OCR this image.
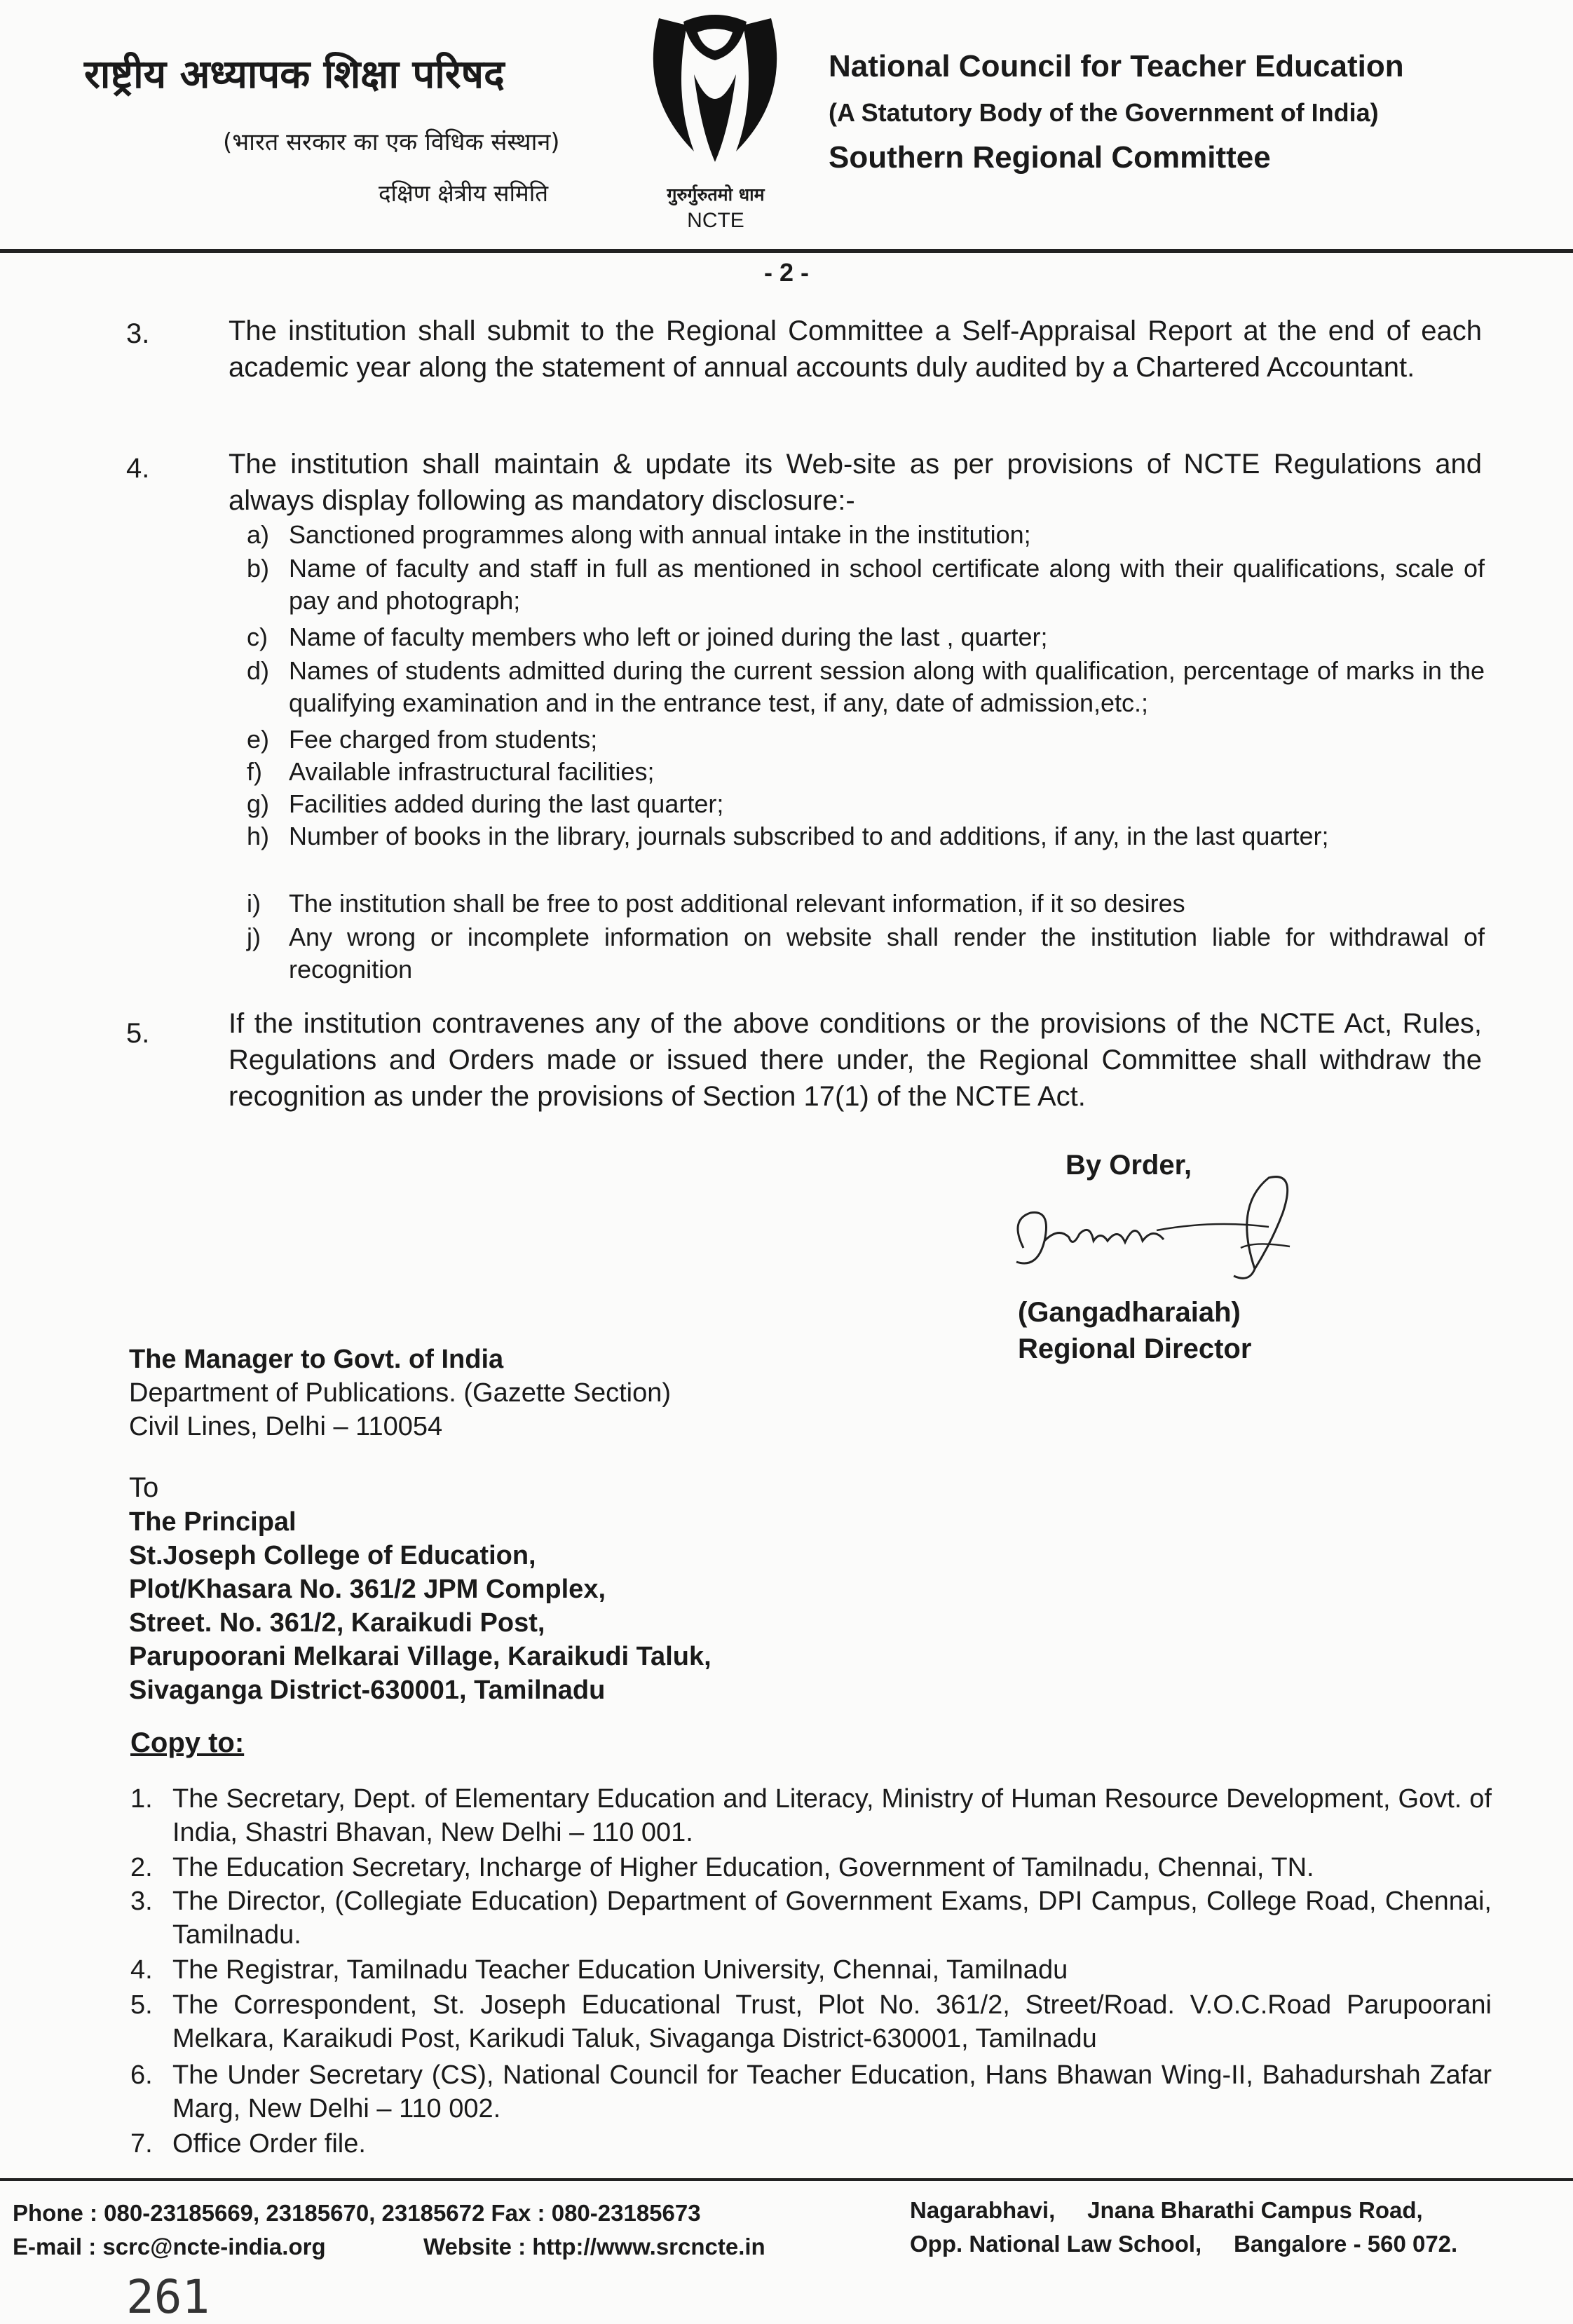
राष्ट्रीय अध्यापक शिक्षा परिषद
(भारत सरकार का एक विधिक संस्थान)
दक्षिण क्षेत्रीय समिति	गुरुर्गुरुतमो धाम
NCTE
National Council for Teacher Education
(A Statutory Body of the Government of India)
Southern Regional Committee
- 2 -
3.	The institution shall submit to the Regional Committee a Self-Appraisal Report at the end of each academic year along the statement of annual accounts duly audited by a Chartered Accountant.
4.	The institution shall maintain & update its Web-site as per provisions of NCTE Regulations and always display following as mandatory disclosure:-
a) Sanctioned programmes along with annual intake in the institution;
b) Name of faculty and staff in full as mentioned in school certificate along with their qualifications, scale of pay and photograph;
c) Name of faculty members who left or joined during the last , quarter;
d) Names of students admitted during the current session along with qualification, percentage of marks in the qualifying examination and in the entrance test, if any, date of admission,etc.;
e) Fee charged from students;
f) Available infrastructural facilities;
g) Facilities added during the last quarter;
h) Number of books in the library, journals subscribed to and additions, if any, in the last quarter;
i) The institution shall be free to post additional relevant information, if it so desires
j) Any wrong or incomplete information on website shall render the institution liable for withdrawal of recognition
5.	If the institution contravenes any of the above conditions or the provisions of the NCTE Act, Rules, Regulations and Orders made or issued there under, the Regional Committee shall withdraw the recognition as under the provisions of Section 17(1) of the NCTE Act.
By Order,
(Gangadharaiah)
Regional Director
The Manager to Govt. of India
Department of Publications. (Gazette Section)
Civil Lines, Delhi – 110054
To
The Principal
St.Joseph College of Education,
Plot/Khasara No. 361/2 JPM Complex,
Street. No. 361/2, Karaikudi Post,
Parupoorani Melkarai Village, Karaikudi Taluk,
Sivaganga District-630001, Tamilnadu
Copy to:
1. The Secretary, Dept. of Elementary Education and Literacy, Ministry of Human Resource Development, Govt. of India, Shastri Bhavan, New Delhi – 110 001.
2. The Education Secretary, Incharge of Higher Education, Government of Tamilnadu, Chennai, TN.
3. The Director, (Collegiate Education) Department of Government Exams, DPI Campus, College Road, Chennai, Tamilnadu.
4. The Registrar, Tamilnadu Teacher Education University, Chennai, Tamilnadu
5. The Correspondent, St. Joseph Educational Trust, Plot No. 361/2, Street/Road. V.O.C.Road Parupoorani Melkara, Karaikudi Post, Karikudi Taluk, Sivaganga District-630001, Tamilnadu
6. The Under Secretary (CS), National Council for Teacher Education, Hans Bhawan Wing-II, Bahadurshah Zafar Marg, New Delhi – 110 002.
7. Office Order file.
Phone : 080-23185669, 23185670, 23185672 Fax : 080-23185673
E-mail : scrc@ncte-india.org	Website : http://www.srcncte.in
Nagarabhavi,     Jnana Bharathi Campus Road,
Opp. National Law School,     Bangalore - 560 072.
261
